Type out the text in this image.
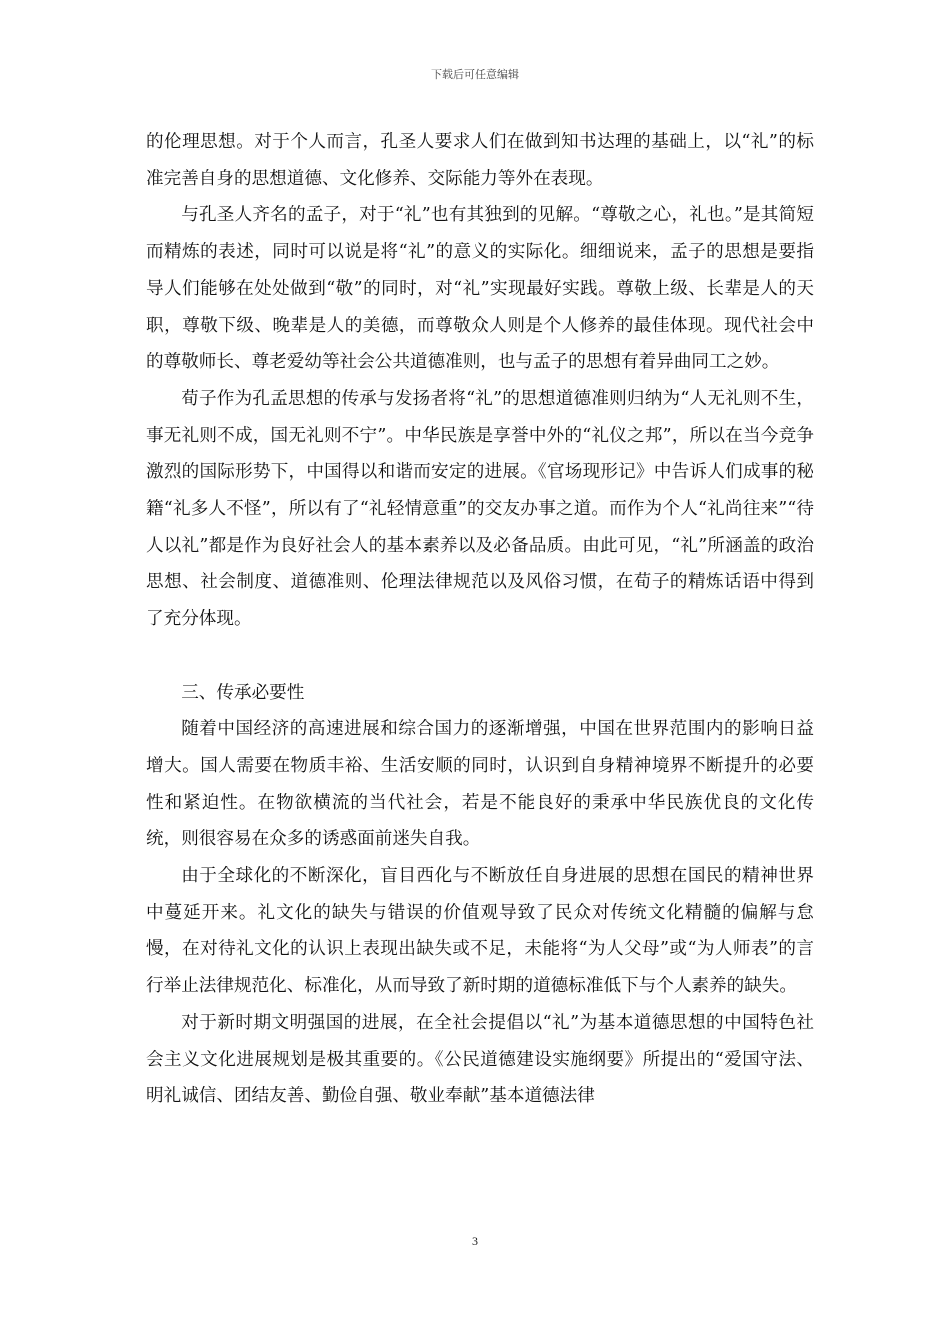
下载后可任意编辑

的伦理思想。对于个人而言，孔圣人要求人们在做到知书达理的基础上，以“礼”的标准完善自身的思想道德、文化修养、交际能力等外在表现。

与孔圣人齐名的孟子，对于“礼”也有其独到的见解。“尊敬之心，礼也。”是其简短而精炼的表述，同时可以说是将“礼”的意义的实际化。细细说来，孟子的思想是要指导人们能够在处处做到“敬”的同时，对“礼”实现最好实践。尊敬上级、长辈是人的天职，尊敬下级、晚辈是人的美德，而尊敬众人则是个人修养的最佳体现。现代社会中的尊敬师长、尊老爱幼等社会公共道德准则，也与孟子的思想有着异曲同工之妙。

荀子作为孔孟思想的传承与发扬者将“礼”的思想道德准则归纳为“人无礼则不生，事无礼则不成，国无礼则不宁”。中华民族是享誉中外的“礼仪之邦”，所以在当今竞争激烈的国际形势下，中国得以和谐而安定的进展。《官场现形记》中告诉人们成事的秘籍“礼多人不怪”，所以有了“礼轻情意重”的交友办事之道。而作为个人“礼尚往来”“待人以礼”都是作为良好社会人的基本素养以及必备品质。由此可见，“礼”所涵盖的政治思想、社会制度、道德准则、伦理法律规范以及风俗习惯，在荀子的精炼话语中得到了充分体现。

三、传承必要性

随着中国经济的高速进展和综合国力的逐渐增强，中国在世界范围内的影响日益增大。国人需要在物质丰裕、生活安顺的同时，认识到自身精神境界不断提升的必要性和紧迫性。在物欲横流的当代社会，若是不能良好的秉承中华民族优良的文化传统，则很容易在众多的诱惑面前迷失自我。

由于全球化的不断深化，盲目西化与不断放任自身进展的思想在国民的精神世界中蔓延开来。礼文化的缺失与错误的价值观导致了民众对传统文化精髓的偏解与怠慢，在对待礼文化的认识上表现出缺失或不足，未能将“为人父母”或“为人师表”的言行举止法律规范化、标准化，从而导致了新时期的道德标准低下与个人素养的缺失。

对于新时期文明强国的进展，在全社会提倡以“礼”为基本道德思想的中国特色社会主义文化进展规划是极其重要的。《公民道德建设实施纲要》所提出的“爱国守法、明礼诚信、团结友善、勤俭自强、敬业奉献”基本道德法律

3
